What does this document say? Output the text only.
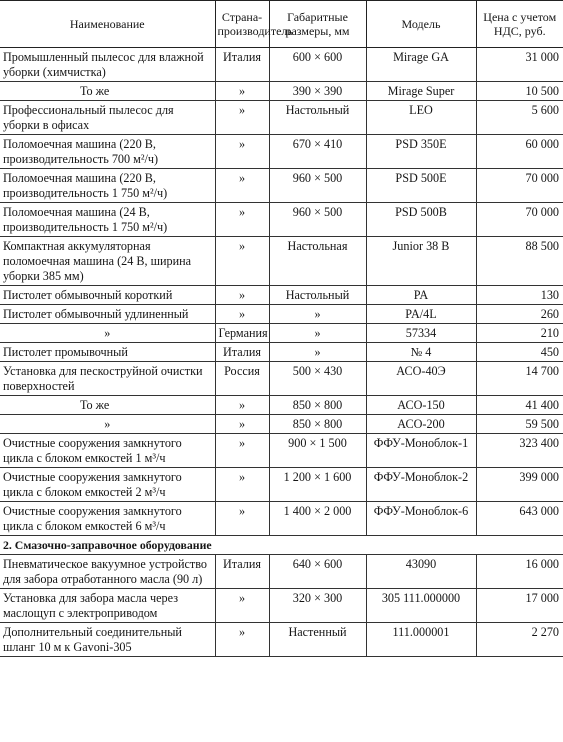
Наименование	Страна-производитель	Габаритные размеры, мм	Модель	Цена с учетом НДС, руб.
Промышленный пылесос для влажной уборки (химчистка)	Италия	600 × 600	Mirage GA	31 000
То же	»	390 × 390	Mirage Super	10 500
Профессиональный пылесос для уборки в офисах	»	Настольный	LEO	5 600
Поломоечная машина (220 В, производительность 700 м²/ч)	»	670 × 410	PSD 350E	60 000
Поломоечная машина (220 В, производительность 1 750 м²/ч)	»	960 × 500	PSD 500E	70 000
Поломоечная машина (24 В, производительность 1 750 м²/ч)	»	960 × 500	PSD 500B	70 000
Компактная аккумуляторная поломоечная машина (24 В, ширина уборки 385 мм)	»	Настольная	Junior 38 B	88 500
Пистолет обмывочный короткий	»	Настольный	PA	130
Пистолет обмывочный удлиненный	»	»	PA/4L	260
»	Германия	»	57334	210
Пистолет промывочный	Италия	»	№ 4	450
Установка для пескоструйной очистки поверхностей	Россия	500 × 430	АСО-40Э	14 700
То же	»	850 × 800	АСО-150	41 400
»	»	850 × 800	АСО-200	59 500
Очистные сооружения замкнутого цикла с блоком емкостей 1 м³/ч	»	900 × 1 500	ФФУ-Моноблок-1	323 400
Очистные сооружения замкнутого цикла с блоком емкостей 2 м³/ч	»	1 200 × 1 600	ФФУ-Моноблок-2	399 000
Очистные сооружения замкнутого цикла с блоком емкостей 6 м³/ч	»	1 400 × 2 000	ФФУ-Моноблок-6	643 000
2. Смазочно-заправочное оборудование				
Пневматическое вакуумное устройство для забора отработанного масла (90 л)	Италия	640 × 600	43090	16 000
Установка для забора масла через маслощуп с электроприводом	»	320 × 300	305 111.000000	17 000
Дополнительный соединительный шланг 10 м к Gavoni-305	»	Настенный	111.000001	2 270
